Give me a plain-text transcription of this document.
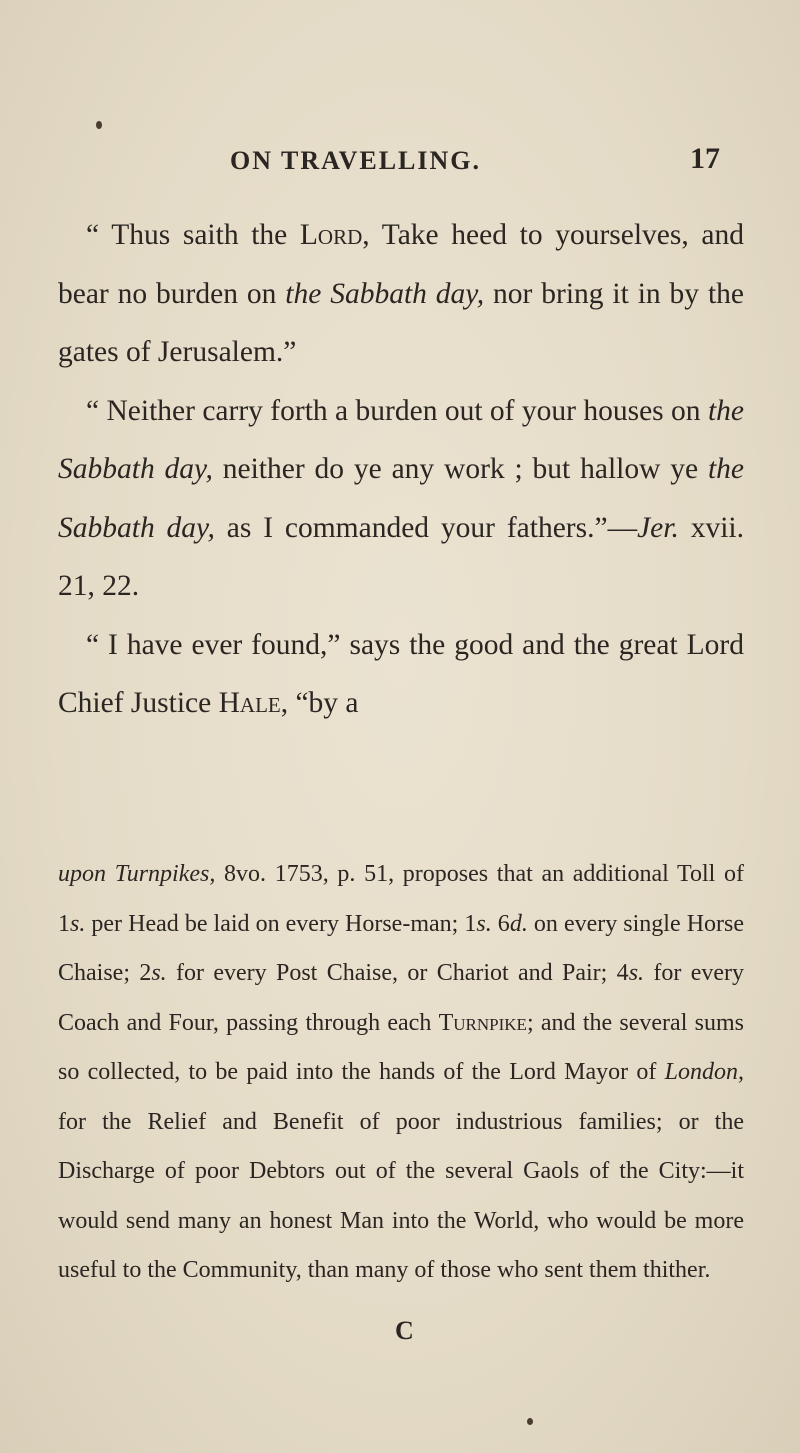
ON TRAVELLING.	17

“ Thus saith the Lord, Take heed to yourselves, and bear no burden on the Sabbath day, nor bring it in by the gates of Jerusalem.”

“ Neither carry forth a burden out of your houses on the Sabbath day, neither do ye any work ; but hallow ye the Sabbath day, as I commanded your fathers.”—Jer. xvii. 21, 22.

“ I have ever found,” says the good and the great Lord Chief Justice Hale, “by a

upon Turnpikes, 8vo. 1753, p. 51, proposes that an additional Toll of 1s. per Head be laid on every Horse-man; 1s. 6d. on every single Horse Chaise; 2s. for every Post Chaise, or Chariot and Pair; 4s. for every Coach and Four, passing through each Turnpike; and the several sums so collected, to be paid into the hands of the Lord Mayor of London, for the Relief and Benefit of poor industrious families; or the Discharge of poor Debtors out of the several Gaols of the City:—it would send many an honest Man into the World, who would be more useful to the Community, than many of those who sent them thither.

C
